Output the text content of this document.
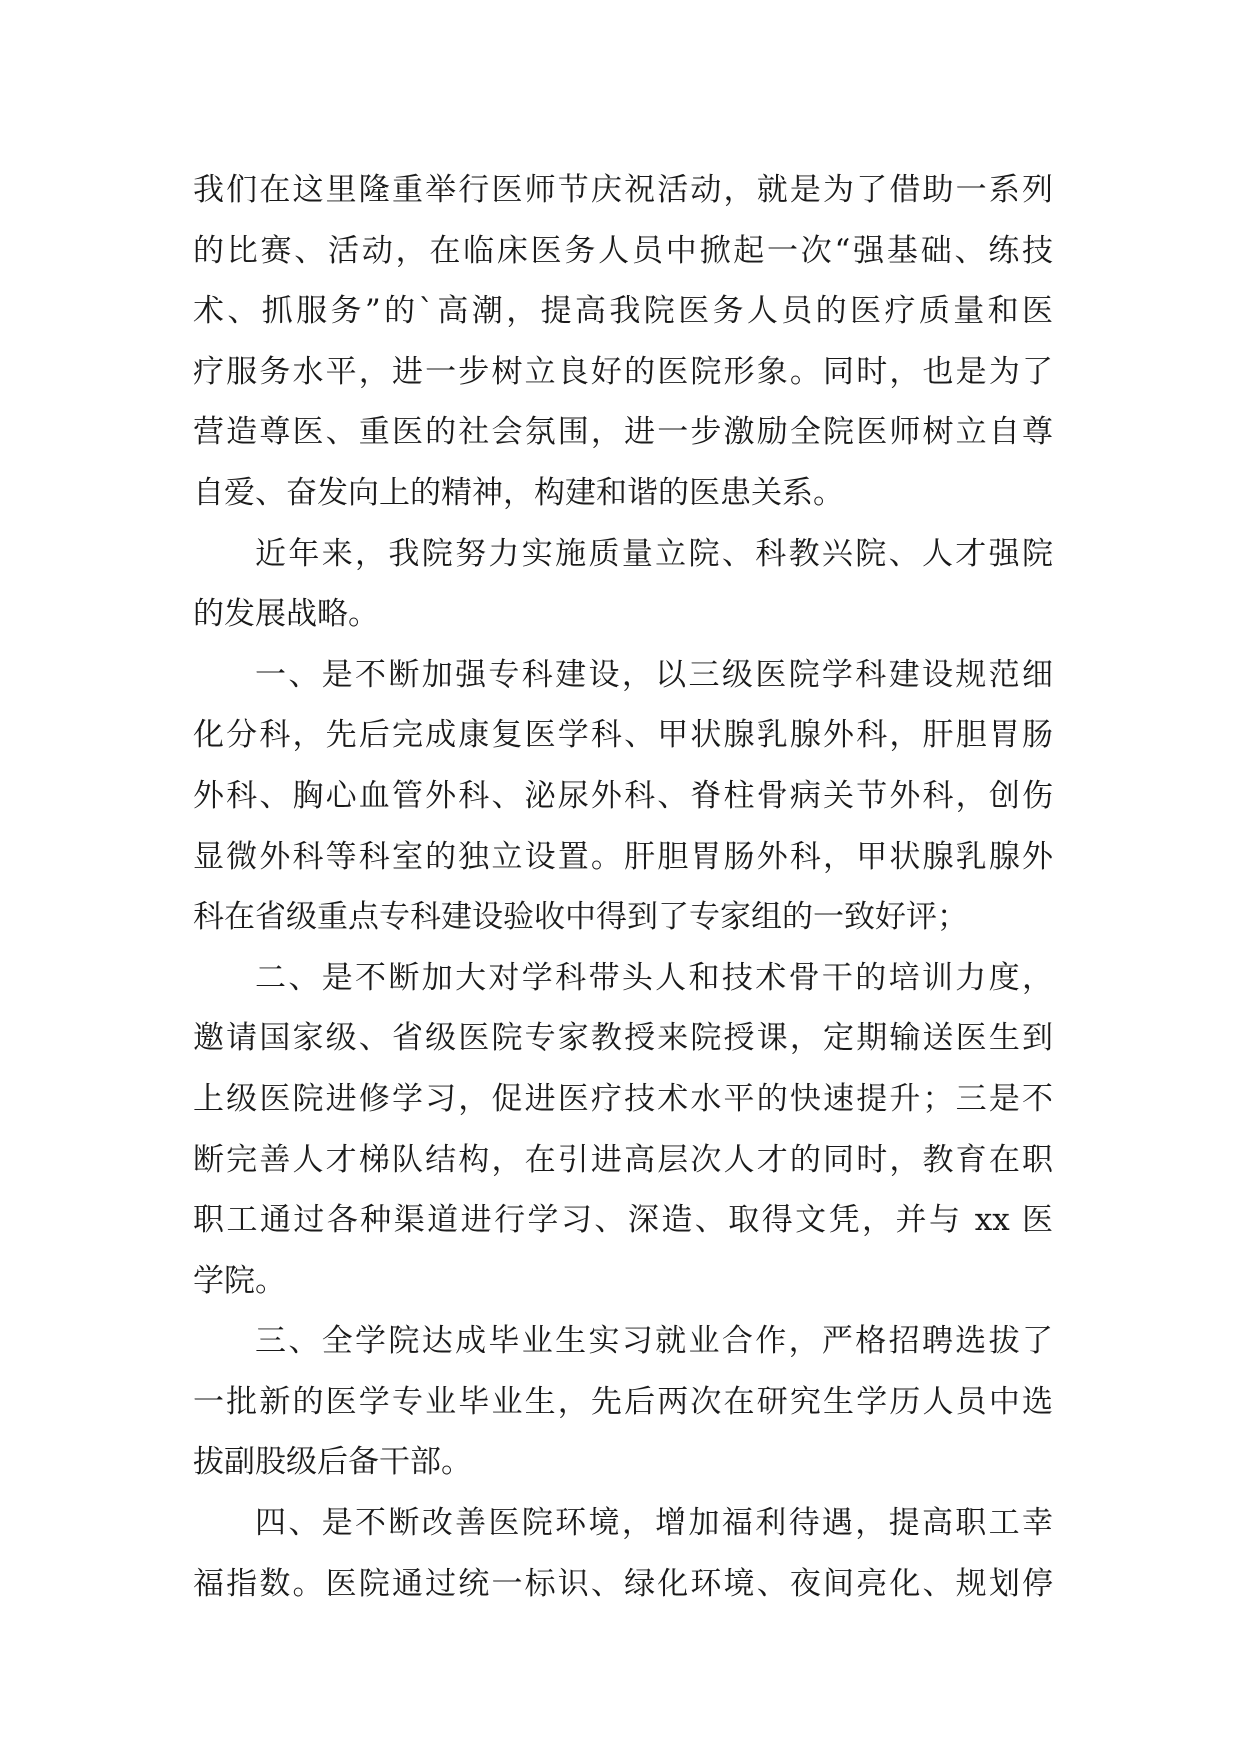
我们在这里隆重举行医师节庆祝活动，就是为了借助一系列
的比赛、活动，在临床医务人员中掀起一次“强基础、练技
术、抓服务”的`高潮，提高我院医务人员的医疗质量和医
疗服务水平，进一步树立良好的医院形象。同时，也是为了
营造尊医、重医的社会氛围，进一步激励全院医师树立自尊
自爱、奋发向上的精神，构建和谐的医患关系。
近年来，我院努力实施质量立院、科教兴院、人才强院
的发展战略。
一、是不断加强专科建设，以三级医院学科建设规范细
化分科，先后完成康复医学科、甲状腺乳腺外科，肝胆胃肠
外科、胸心血管外科、泌尿外科、脊柱骨病关节外科，创伤
显微外科等科室的独立设置。肝胆胃肠外科，甲状腺乳腺外
科在省级重点专科建设验收中得到了专家组的一致好评；
二、是不断加大对学科带头人和技术骨干的培训力度，
邀请国家级、省级医院专家教授来院授课，定期输送医生到
上级医院进修学习，促进医疗技术水平的快速提升；三是不
断完善人才梯队结构，在引进高层次人才的同时，教育在职
职工通过各种渠道进行学习、深造、取得文凭，并与 xx 医
学院。
三、全学院达成毕业生实习就业合作，严格招聘选拔了
一批新的医学专业毕业生，先后两次在研究生学历人员中选
拔副股级后备干部。
四、是不断改善医院环境，增加福利待遇，提高职工幸
福指数。医院通过统一标识、绿化环境、夜间亮化、规划停
